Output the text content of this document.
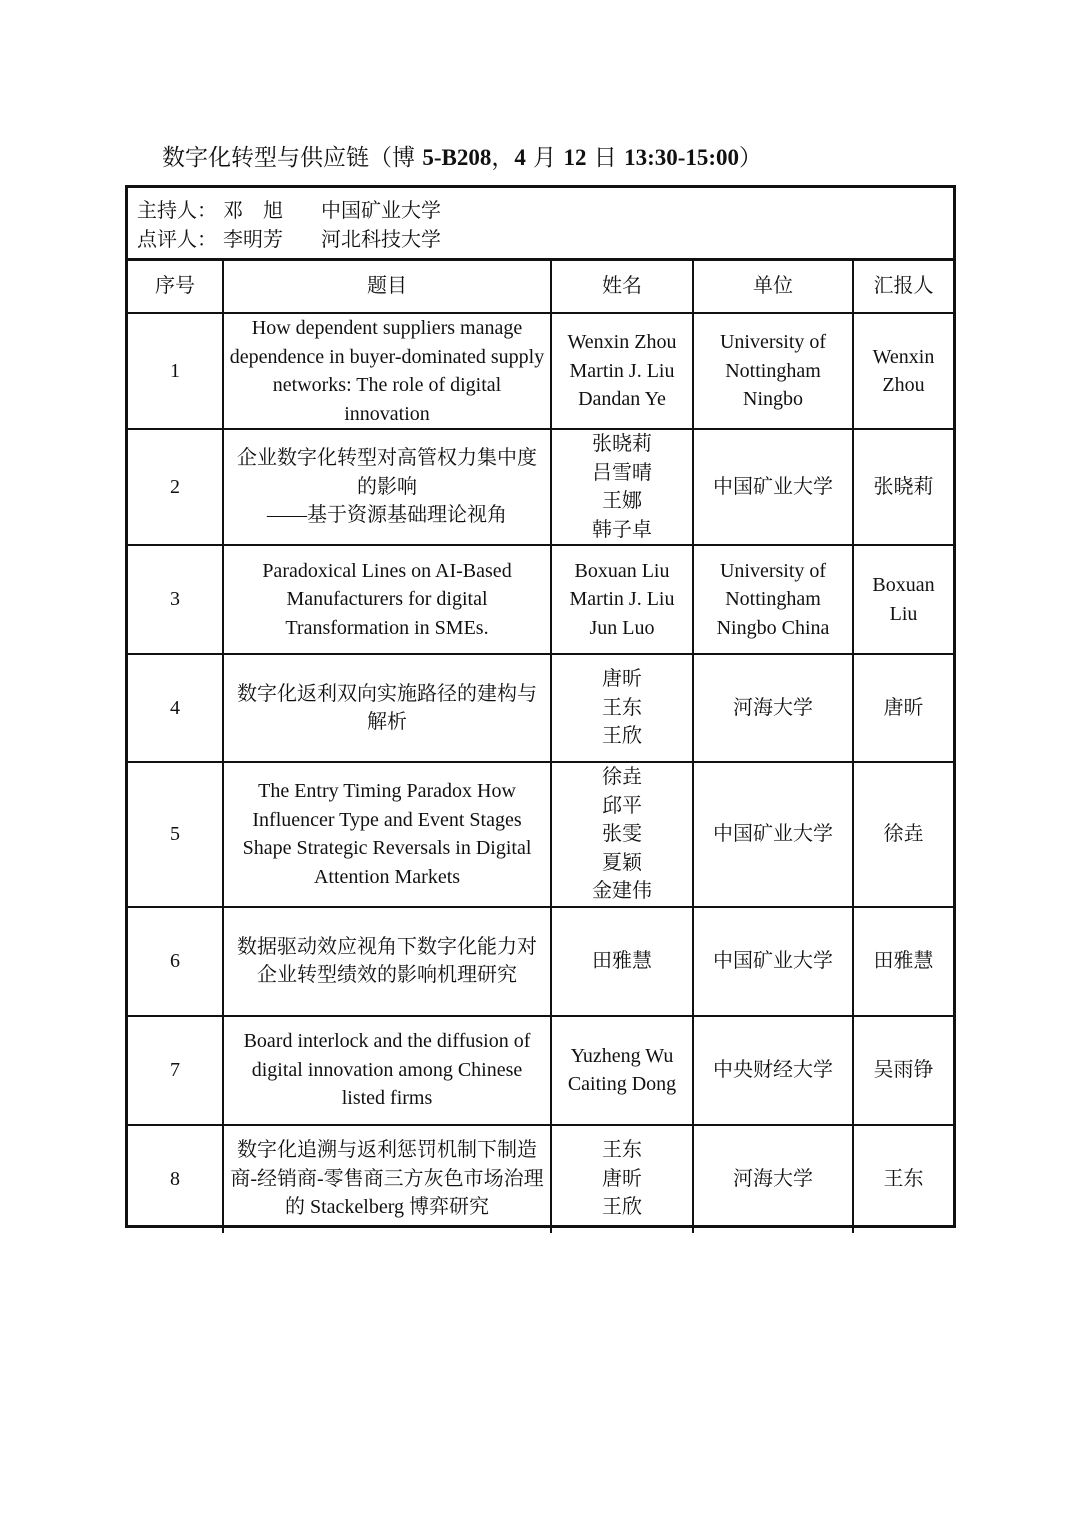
数字化转型与供应链（博 5-B208，4 月 12 日 13:30-15:00）
主持人： 邓　旭 中国矿业大学
点评人： 李明芳 河北科技大学
序号	题目	姓名	单位	汇报人
1	How dependent suppliers manage dependence in buyer-dominated supply networks: The role of digital innovation	Wenxin Zhou
Martin J. Liu
Dandan Ye	University of Nottingham Ningbo	Wenxin Zhou
2	企业数字化转型对高管权力集中度的影响
——基于资源基础理论视角	张晓莉
吕雪晴
王娜
韩子卓	中国矿业大学	张晓莉
3	Paradoxical Lines on AI-Based Manufacturers for digital Transformation in SMEs.	Boxuan Liu
Martin J. Liu
Jun Luo	University of Nottingham Ningbo China	Boxuan Liu
4	数字化返利双向实施路径的建构与解析	唐昕
王东
王欣	河海大学	唐昕
5	The Entry Timing Paradox How Influencer Type and Event Stages Shape Strategic Reversals in Digital Attention Markets	徐垚
邱平
张雯
夏颖
金建伟	中国矿业大学	徐垚
6	数据驱动效应视角下数字化能力对企业转型绩效的影响机理研究	田雅慧	中国矿业大学	田雅慧
7	Board interlock and the diffusion of digital innovation among Chinese listed firms	Yuzheng Wu
Caiting Dong	中央财经大学	吴雨铮
8	数字化追溯与返利惩罚机制下制造商-经销商-零售商三方灰色市场治理的 Stackelberg 博弈研究	王东
唐昕
王欣	河海大学	王东
